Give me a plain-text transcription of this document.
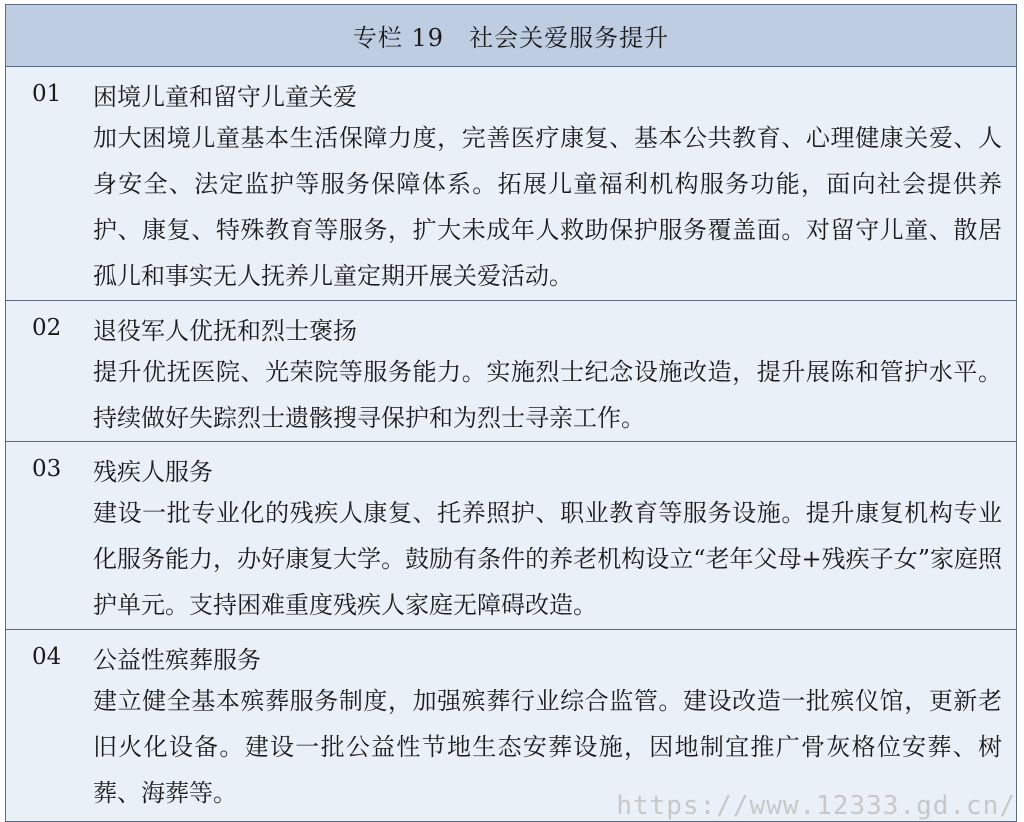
专栏 19　社会关爱服务提升
01	困境儿童和留守儿童关爱
加大困境儿童基本生活保障力度，完善医疗康复、基本公共教育、心理健康关爱、人身安全、法定监护等服务保障体系。拓展儿童福利机构服务功能，面向社会提供养护、康复、特殊教育等服务，扩大未成年人救助保护服务覆盖面。对留守儿童、散居孤儿和事实无人抚养儿童定期开展关爱活动。
02	退役军人优抚和烈士褒扬
提升优抚医院、光荣院等服务能力。实施烈士纪念设施改造，提升展陈和管护水平。持续做好失踪烈士遗骸搜寻保护和为烈士寻亲工作。
03	残疾人服务
建设一批专业化的残疾人康复、托养照护、职业教育等服务设施。提升康复机构专业化服务能力，办好康复大学。鼓励有条件的养老机构设立“老年父母+残疾子女”家庭照护单元。支持困难重度残疾人家庭无障碍改造。
04	公益性殡葬服务
建立健全基本殡葬服务制度，加强殡葬行业综合监管。建设改造一批殡仪馆，更新老旧火化设备。建设一批公益性节地生态安葬设施，因地制宜推广骨灰格位安葬、树葬、海葬等。	https://www.12333.gd.cn/
